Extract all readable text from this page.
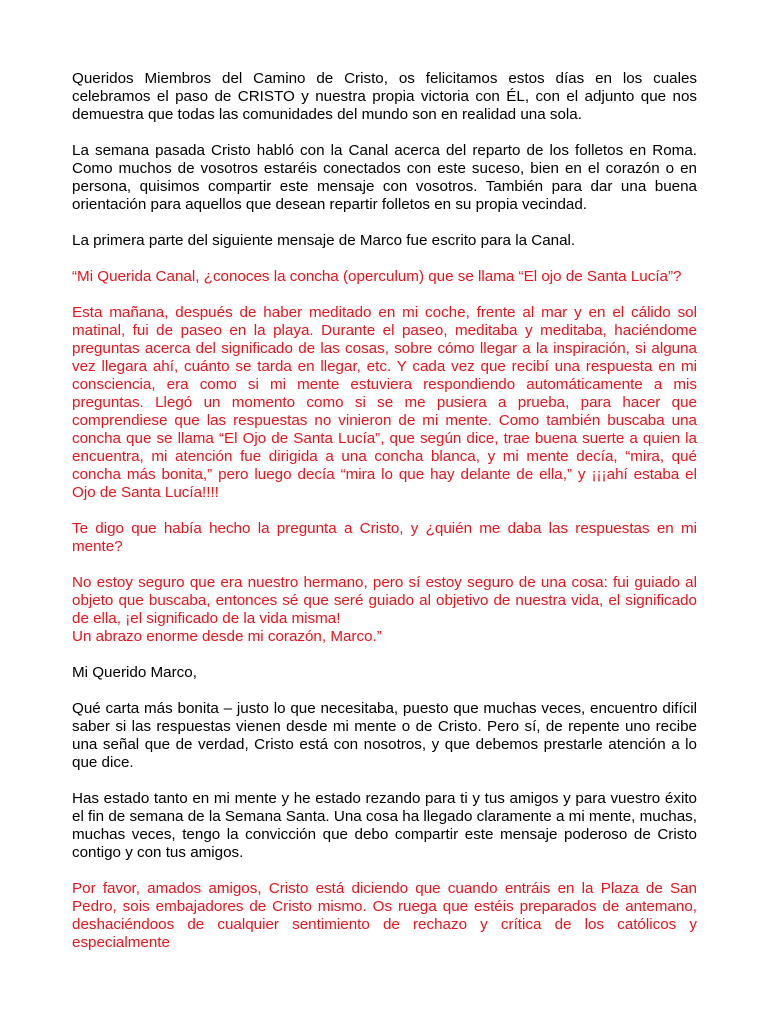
Queridos Miembros del Camino de Cristo, os felicitamos estos días en los cuales celebramos el paso de CRISTO y nuestra propia victoria con ÉL, con el adjunto que nos demuestra que todas las comunidades del mundo son en realidad una sola.

La semana pasada Cristo habló con la Canal acerca del reparto de los folletos en Roma. Como muchos de vosotros estaréis conectados con este suceso, bien en el corazón o en persona, quisimos compartir este mensaje con vosotros. También para dar una buena orientación para aquellos que desean repartir folletos en su propia vecindad.

La primera parte del siguiente mensaje de Marco fue escrito para la Canal.

“Mi Querida Canal, ¿conoces la concha (operculum) que se llama “El ojo de Santa Lucía”?

Esta mañana, después de haber meditado en mi coche, frente al mar y en el cálido sol matinal, fui de paseo en la playa. Durante el paseo, meditaba y meditaba, haciéndome preguntas acerca del significado de las cosas, sobre cómo llegar a la inspiración, si alguna vez llegara ahí, cuánto se tarda en llegar, etc. Y cada vez que recibí una respuesta en mi consciencia, era como si mi mente estuviera respondiendo automáticamente a mis preguntas. Llegó un momento como si se me pusiera a prueba, para hacer que comprendiese que las respuestas no vinieron de mi mente. Como también buscaba una concha que se llama “El Ojo de Santa Lucía”, que según dice, trae buena suerte a quien la encuentra, mi atención fue dirigida a una concha blanca, y mi mente decía, “mira, qué concha más bonita,” pero luego decía “mira lo que hay delante de ella,” y ¡¡¡ahí estaba el Ojo de Santa Lucía!!!!

Te digo que había hecho la pregunta a Cristo, y ¿quién me daba las respuestas en mi mente?

No estoy seguro que era nuestro hermano, pero sí estoy seguro de una cosa: fui guiado al objeto que buscaba, entonces sé que seré guiado al objetivo de nuestra vida, el significado de ella, ¡el significado de la vida misma!
Un abrazo enorme desde mi corazón, Marco.”

Mi Querido Marco,

Qué carta más bonita – justo lo que necesitaba, puesto que muchas veces, encuentro difícil saber si las respuestas vienen desde mi mente o de Cristo. Pero sí, de repente uno recibe una señal que de verdad, Cristo está con nosotros, y que debemos prestarle atención a lo que dice.

Has estado tanto en mi mente y he estado rezando para ti y tus amigos y para vuestro éxito el fin de semana de la Semana Santa. Una cosa ha llegado claramente a mi mente, muchas, muchas veces, tengo la convicción que debo compartir este mensaje poderoso de Cristo contigo y con tus amigos.

Por favor, amados amigos, Cristo está diciendo que cuando entráis en la Plaza de San Pedro, sois embajadores de Cristo mismo. Os ruega que estéis preparados de antemano, deshaciéndoos de cualquier sentimiento de rechazo y crítica de los católicos y especialmente
